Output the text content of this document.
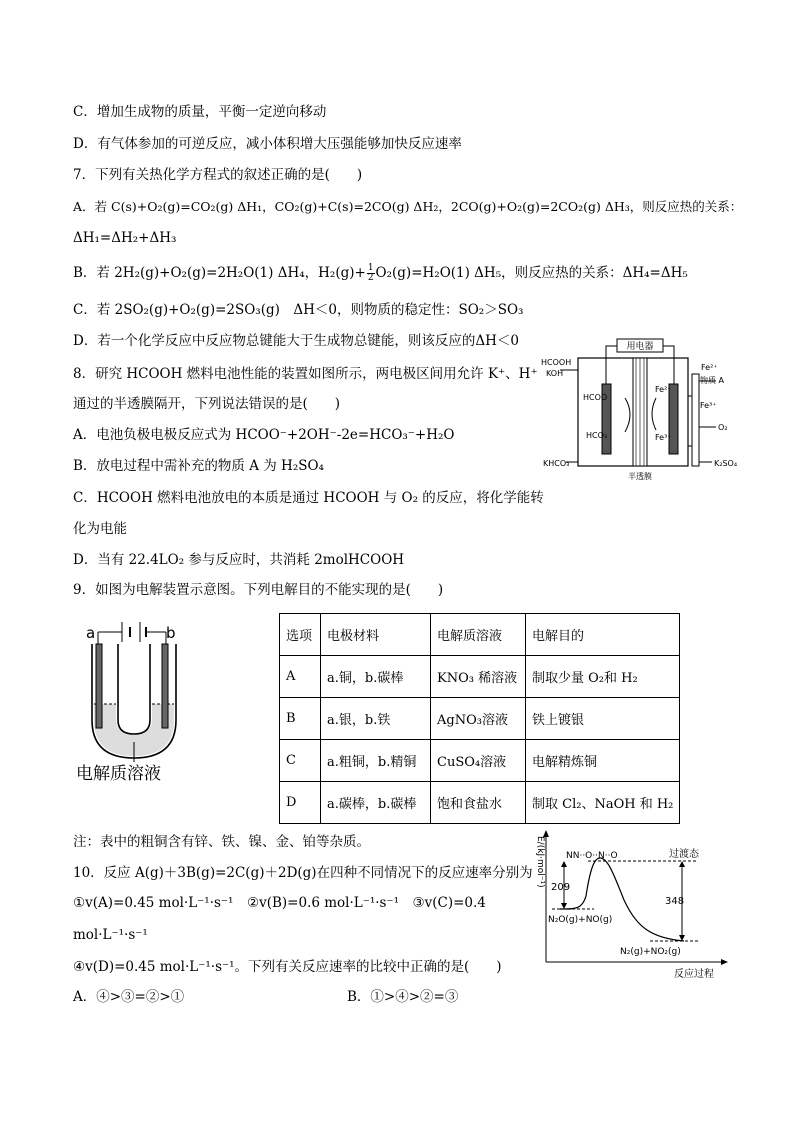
C．增加生成物的质量，平衡一定逆向移动
D．有气体参加的可逆反应，减小体积增大压强能够加快反应速率
7．下列有关热化学方程式的叙述正确的是(　　)
A．若 C(s)+O₂(g)=CO₂(g) ΔH₁，CO₂(g)+C(s)=2CO(g) ΔH₂，2CO(g)+O₂(g)=2CO₂(g) ΔH₃，则反应热的关系：
ΔH₁=ΔH₂+ΔH₃
B．若 2H₂(g)+O₂(g)=2H₂O(1) ΔH₄，$H_2(g)+ \frac{1}{2} O_2(g)=H_2O(1)$ ΔH₅，则反应热的关系：ΔH₄=ΔH₅
C．若 2SO₂(g)+O₂(g)=2SO₃(g)　ΔH＜0，则物质的稳定性：SO₂＞SO₃
D．若一个化学反应中反应物总键能大于生成物总键能，则该反应的ΔH＜0
8．研究 HCOOH 燃料电池性能的装置如图所示，两电极区间用允许 K⁺、H⁺
通过的半透膜隔开，下列说法错误的是(　　)
A．电池负极电极反应式为 HCOO⁻+2OH⁻-2e=HCO₃⁻+H₂O
B．放电过程中需补充的物质 A 为 H₂SO₄
C．HCOOH 燃料电池放电的本质是通过 HCOOH 与 O₂ 的反应，将化学能转
化为电能
D．当有 22.4LO₂ 参与反应时，共消耗 2molHCOOH
9．如图为电解装置示意图。下列电解目的不能实现的是(　　)
注：表中的粗铜含有锌、铁、镍、金、铂等杂质。
10．反应 A(g)＋3B(g)=2C(g)＋2D(g)在四种不同情况下的反应速率分别为
①v(A)=0.45 mol·L⁻¹·s⁻¹　②v(B)=0.6 mol·L⁻¹·s⁻¹　③v(C)=0.4
mol·L⁻¹·s⁻¹
④v(D)=0.45 mol·L⁻¹·s⁻¹。下列有关反应速率的比较中正确的是(　　)
A．④>③=②>①	B．①>④>②=③
选项	电极材料	电解质溶液	电解目的
A	a.铜，b.碳棒	KNO₃ 稀溶液	制取少量 O₂和 H₂
B	a.银，b.铁	AgNO₃溶液	铁上镀银
C	a.粗铜，b.精铜	CuSO₄溶液	电解精炼铜
D	a.碳棒，b.碳棒	饱和食盐水	制取 Cl₂、NaOH 和 H₂
用电器
HCOOH
KOH
HCOO
HCO₃
Fe²⁺
Fe³⁺
Fe²⁺
物质 A
O₂
Fe³⁺
K₂SO₄
KHCO₃
半透膜
a	b
电解质溶液
E/(kJ·mol⁻¹)
反应过程
209
348
NN··O··N··O	过渡态
N₂O(g)+NO(g)
N₂(g)+NO₂(g)
